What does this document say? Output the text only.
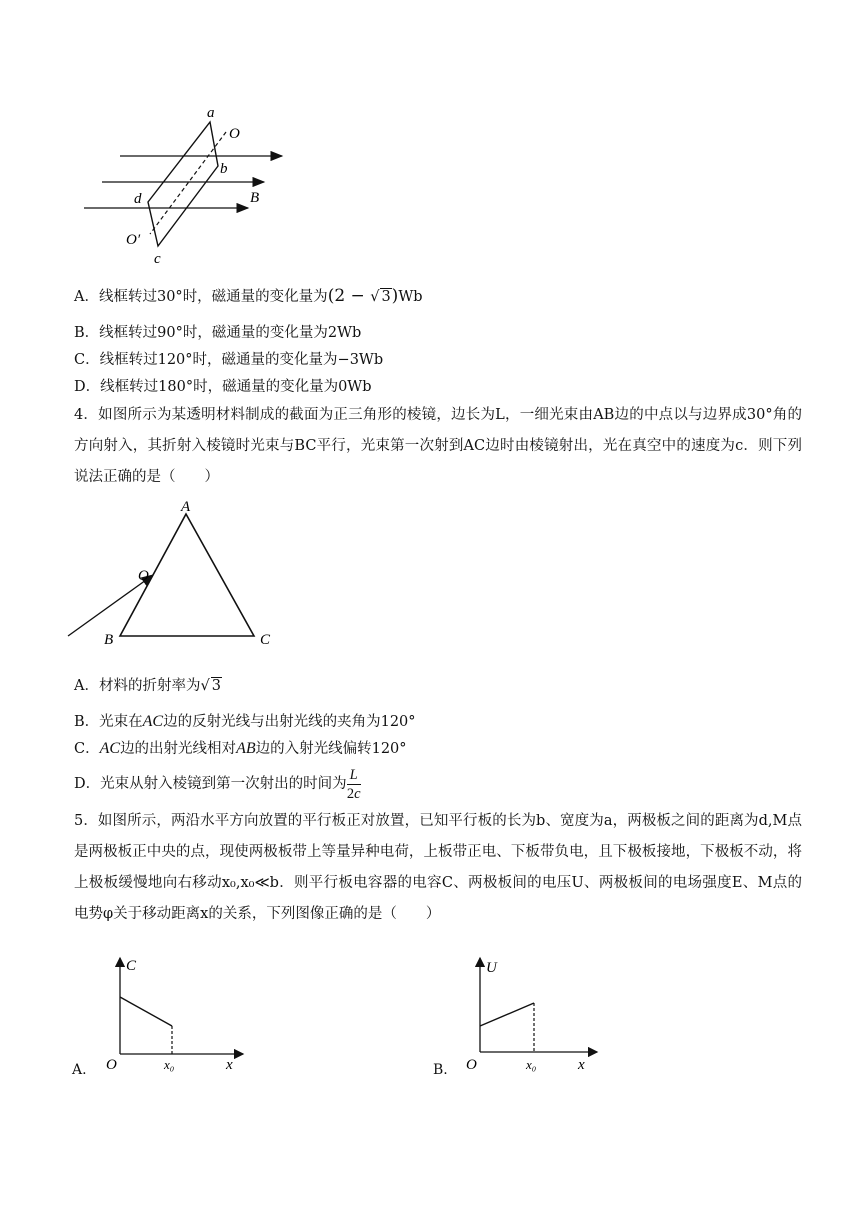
a
O
b
d	B
O′
c
A．线框转过30°时，磁通量的变化量为(2 − √ 3)Wb
B．线框转过90°时，磁通量的变化量为2Wb
C．线框转过120°时，磁通量的变化量为−3Wb
D．线框转过180°时，磁通量的变化量为0Wb
4．如图所示为某透明材料制成的截面为正三角形的棱镜，边长为L，一细光束由AB边的中点以与边界成30°角的方向射入，其折射入棱镜时光束与BC平行，光束第一次射到AC边时由棱镜射出，光在真空中的速度为c．则下列说法正确的是（　　）
A
O
B	C
A．材料的折射率为√ 3
B．光束在AC边的反射光线与出射光线的夹角为120°
C．AC边的出射光线相对AB边的入射光线偏转120°
D．光束从射入棱镜到第一次射出的时间为 $\frac{L}{2c}$
5．如图所示，两沿水平方向放置的平行板正对放置，已知平行板的长为b、宽度为a，两极板之间的距离为d,M点是两极板正中央的点，现使两极板带上等量异种电荷，上板带正电、下板带负电，且下极板接地，下极板不动，将上极板缓慢地向右移动x₀,x₀≪b．则平行板电容器的电容C、两极板间的电压U、两极板间的电场强度E、M点的电势φ关于移动距离x的关系，下列图像正确的是（　　）
A.
C
O	x₀	x	B.
U
O	x₀	x
